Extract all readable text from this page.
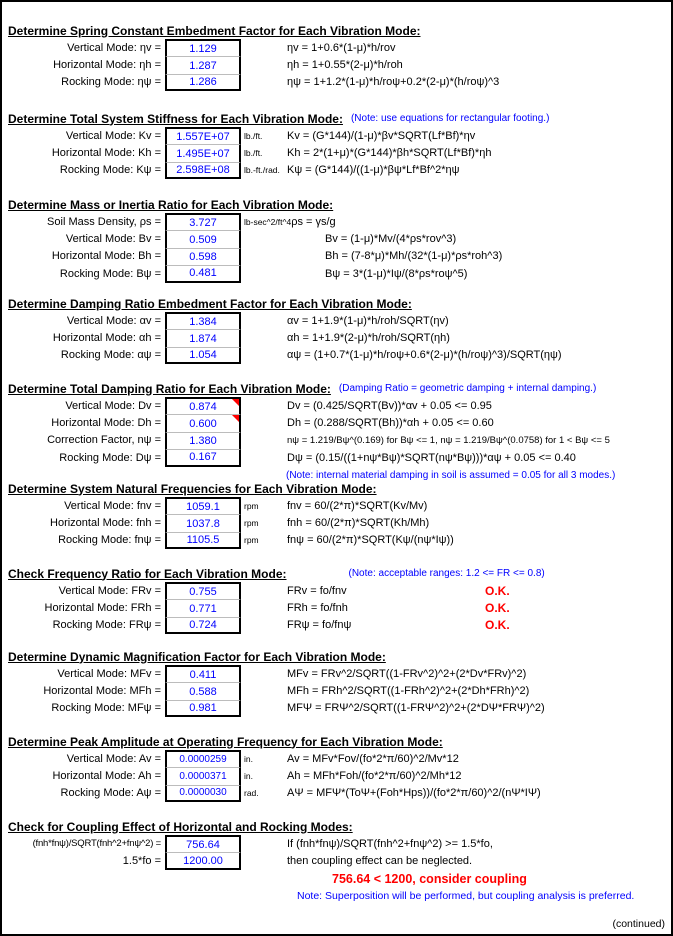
(continued)
Determine Spring Constant Embedment Factor for Each Vibration Mode:
Vertical Mode: ηv =	1.129	ηv = 1+0.6*(1-μ)*h/rov
Horizontal Mode: ηh =	1.287	ηh = 1+0.55*(2-μ)*h/roh
Rocking Mode: ηψ =	1.286	ηψ = 1+1.2*(1-μ)*h/roψ+0.2*(2-μ)*(h/roψ)^3
Determine Total System Stiffness for Each Vibration Mode: (Note: use equations for rectangular footing.)
Vertical Mode: Kv =	1.557E+07	lb./ft.	Kv = (G*144)/(1-μ)*βv*SQRT(Lf*Bf)*ηv
Horizontal Mode: Kh =	1.495E+07	lb./ft.	Kh = 2*(1+μ)*(G*144)*βh*SQRT(Lf*Bf)*ηh
Rocking Mode: Kψ =	2.598E+08	lb.-ft./rad. Kψ = (G*144)/((1-μ)*βψ*Lf*Bf^2*ηψ
Determine Mass or Inertia Ratio for Each Vibration Mode:
Soil Mass Density, ρs =	3.727	lb-sec^2/ft^4 ρs = γs/g
Vertical Mode: Bv =	0.509	Bv = (1-μ)*Mv/(4*ρs*rov^3)
Horizontal Mode: Bh =	0.598	Bh = (7-8*μ)*Mh/(32*(1-μ)*ρs*roh^3)
Rocking Mode: Bψ =	0.481	Bψ = 3*(1-μ)*Iψ/(8*ρs*roψ^5)
Determine Damping Ratio Embedment Factor for Each Vibration Mode:
Vertical Mode: αv =	1.384	αv = 1+1.9*(1-μ)*h/roh/SQRT(ηv)
Horizontal Mode: αh =	1.874	αh = 1+1.9*(2-μ)*h/roh/SQRT(ηh)
Rocking Mode: αψ =	1.054	αψ = (1+0.7*(1-μ)*h/roψ+0.6*(2-μ)*(h/roψ)^3)/SQRT(ηψ)
Determine Total Damping Ratio for Each Vibration Mode: (Damping Ratio = geometric damping + internal damping.)
Vertical Mode: Dv =	0.874	Dv = (0.425/SQRT(Bv))*αv + 0.05 <= 0.95
Horizontal Mode: Dh =	0.600	Dh = (0.288/SQRT(Bh))*αh + 0.05 <= 0.60
Correction Factor, nψ =	1.380	nψ = 1.219/Bψ^(0.169) for Bψ <= 1, nψ = 1.219/Bψ^(0.0758) for 1 < Bψ <= 5
Rocking Mode: Dψ =	0.167	Dψ = (0.15/((1+nψ*Bψ)*SQRT(nψ*Bψ)))*αψ + 0.05 <= 0.40
(Note: internal material damping in soil is assumed = 0.05 for all 3 modes.)
Determine System Natural Frequencies for Each Vibration Mode:
Vertical Mode: fnv =	1059.1	rpm	fnv = 60/(2*π)*SQRT(Kv/Mv)
Horizontal Mode: fnh =	1037.8	rpm	fnh = 60/(2*π)*SQRT(Kh/Mh)
Rocking Mode: fnψ =	1105.5	rpm	fnψ = 60/(2*π)*SQRT(Kψ/(nψ*Iψ))
Check Frequency Ratio for Each Vibration Mode:	(Note: acceptable ranges: 1.2 <= FR <= 0.8)
Vertical Mode: FRv =	0.755	FRv = fo/fnv	O.K.
Horizontal Mode: FRh =	0.771	FRh = fo/fnh	O.K.
Rocking Mode: FRψ =	0.724	FRψ = fo/fnψ	O.K.
Determine Dynamic Magnification Factor for Each Vibration Mode:
Vertical Mode: MFv =	0.411	MFv = FRv^2/SQRT((1-FRv^2)^2+(2*Dv*FRv)^2)
Horizontal Mode: MFh =	0.588	MFh = FRh^2/SQRT((1-FRh^2)^2+(2*Dh*FRh)^2)
Rocking Mode: MFψ =	0.981	MFΨ = FRΨ^2/SQRT((1-FRΨ^2)^2+(2*DΨ*FRΨ)^2)
Determine Peak Amplitude at Operating Frequency for Each Vibration Mode:
Vertical Mode: Av =	0.0000259	in.	Av = MFv*Fov/(fo*2*π/60)^2/Mv*12
Horizontal Mode: Ah =	0.0000371	in.	Ah = MFh*Foh/(fo*2*π/60)^2/Mh*12
Rocking Mode: Aψ =	0.0000030	rad.	AΨ = MFΨ*(ToΨ+(Foh*Hps))/(fo*2*π/60)^2/(nΨ*IΨ)
Check for Coupling Effect of Horizontal and Rocking Modes:
(fnh*fnψ)/SQRT(fnh^2+fnψ^2) =	756.64	If (fnh*fnψ)/SQRT(fnh^2+fnψ^2) >= 1.5*fo,
1.5*fo =	1200.00	then coupling effect can be neglected.
756.64 < 1200, consider coupling
Note: Superposition will be performed, but coupling analysis is preferred.
